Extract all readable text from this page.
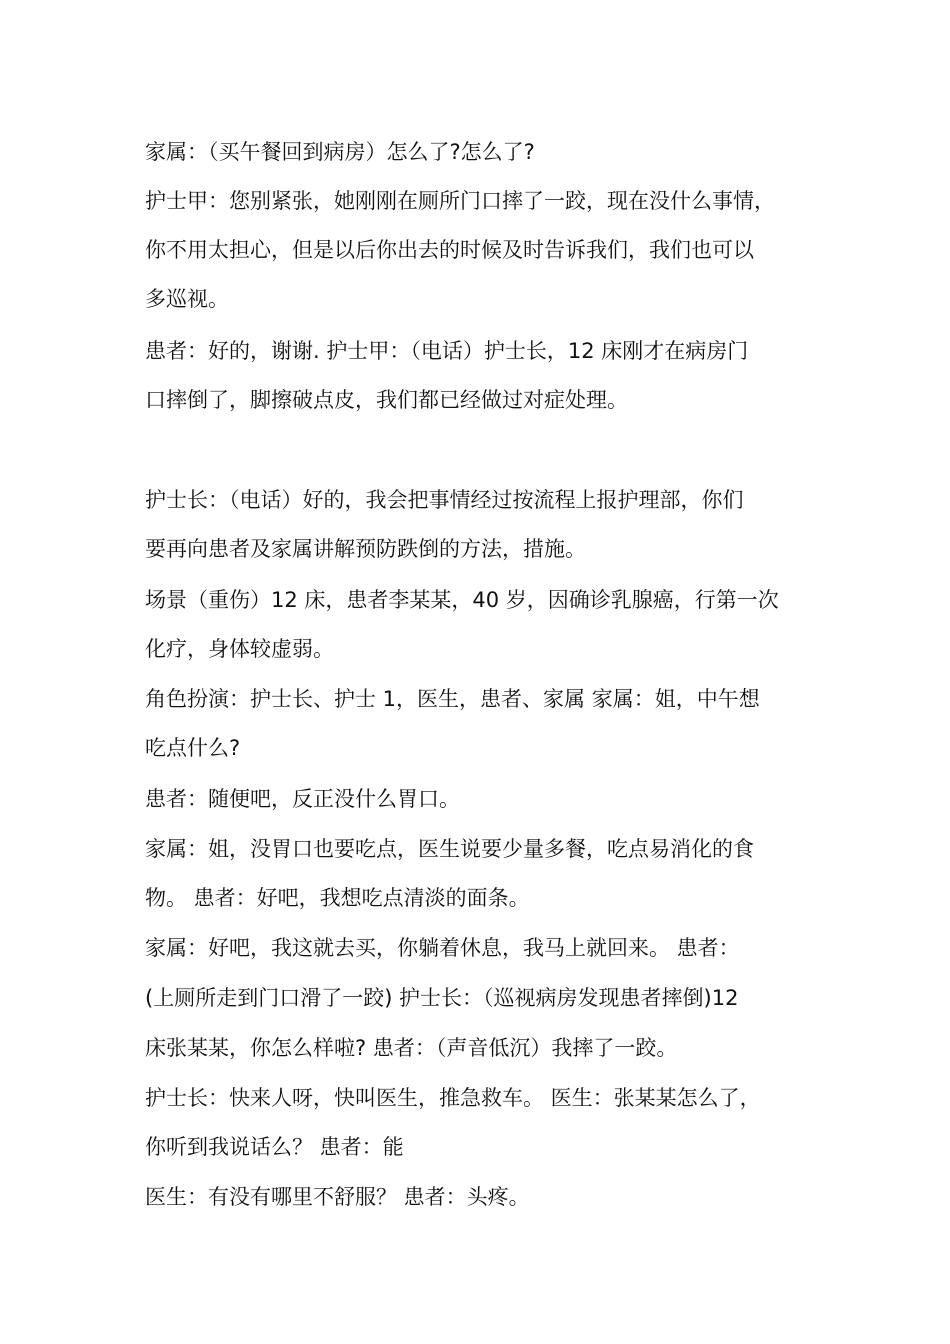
家属：（买午餐回到病房）怎么了?怎么了?
护士甲：您别紧张，她刚刚在厕所门口摔了一跤，现在没什么事情，
你不用太担心，但是以后你出去的时候及时告诉我们，我们也可以
多巡视。
患者：好的，谢谢. 护士甲：（电话）护士长，12 床刚才在病房门
口摔倒了，脚擦破点皮，我们都已经做过对症处理。
护士长：（电话）好的，我会把事情经过按流程上报护理部，你们
要再向患者及家属讲解预防跌倒的方法，措施。
场景（重伤）12 床，患者李某某，40 岁，因确诊乳腺癌，行第一次
化疗，身体较虚弱。
角色扮演：护士长、护士 1，医生，患者、家属 家属：姐，中午想
吃点什么?
患者：随便吧，反正没什么胃口。
家属：姐，没胃口也要吃点，医生说要少量多餐，吃点易消化的食
物。 患者：好吧，我想吃点清淡的面条。
家属：好吧，我这就去买，你躺着休息，我马上就回来。 患者：
(上厕所走到门口滑了一跤) 护士长：（巡视病房发现患者摔倒)12
床张某某，你怎么样啦? 患者：（声音低沉）我摔了一跤。
护士长：快来人呀，快叫医生，推急救车。 医生：张某某怎么了，
你听到我说话么？ 患者：能
医生：有没有哪里不舒服？ 患者：头疼。
